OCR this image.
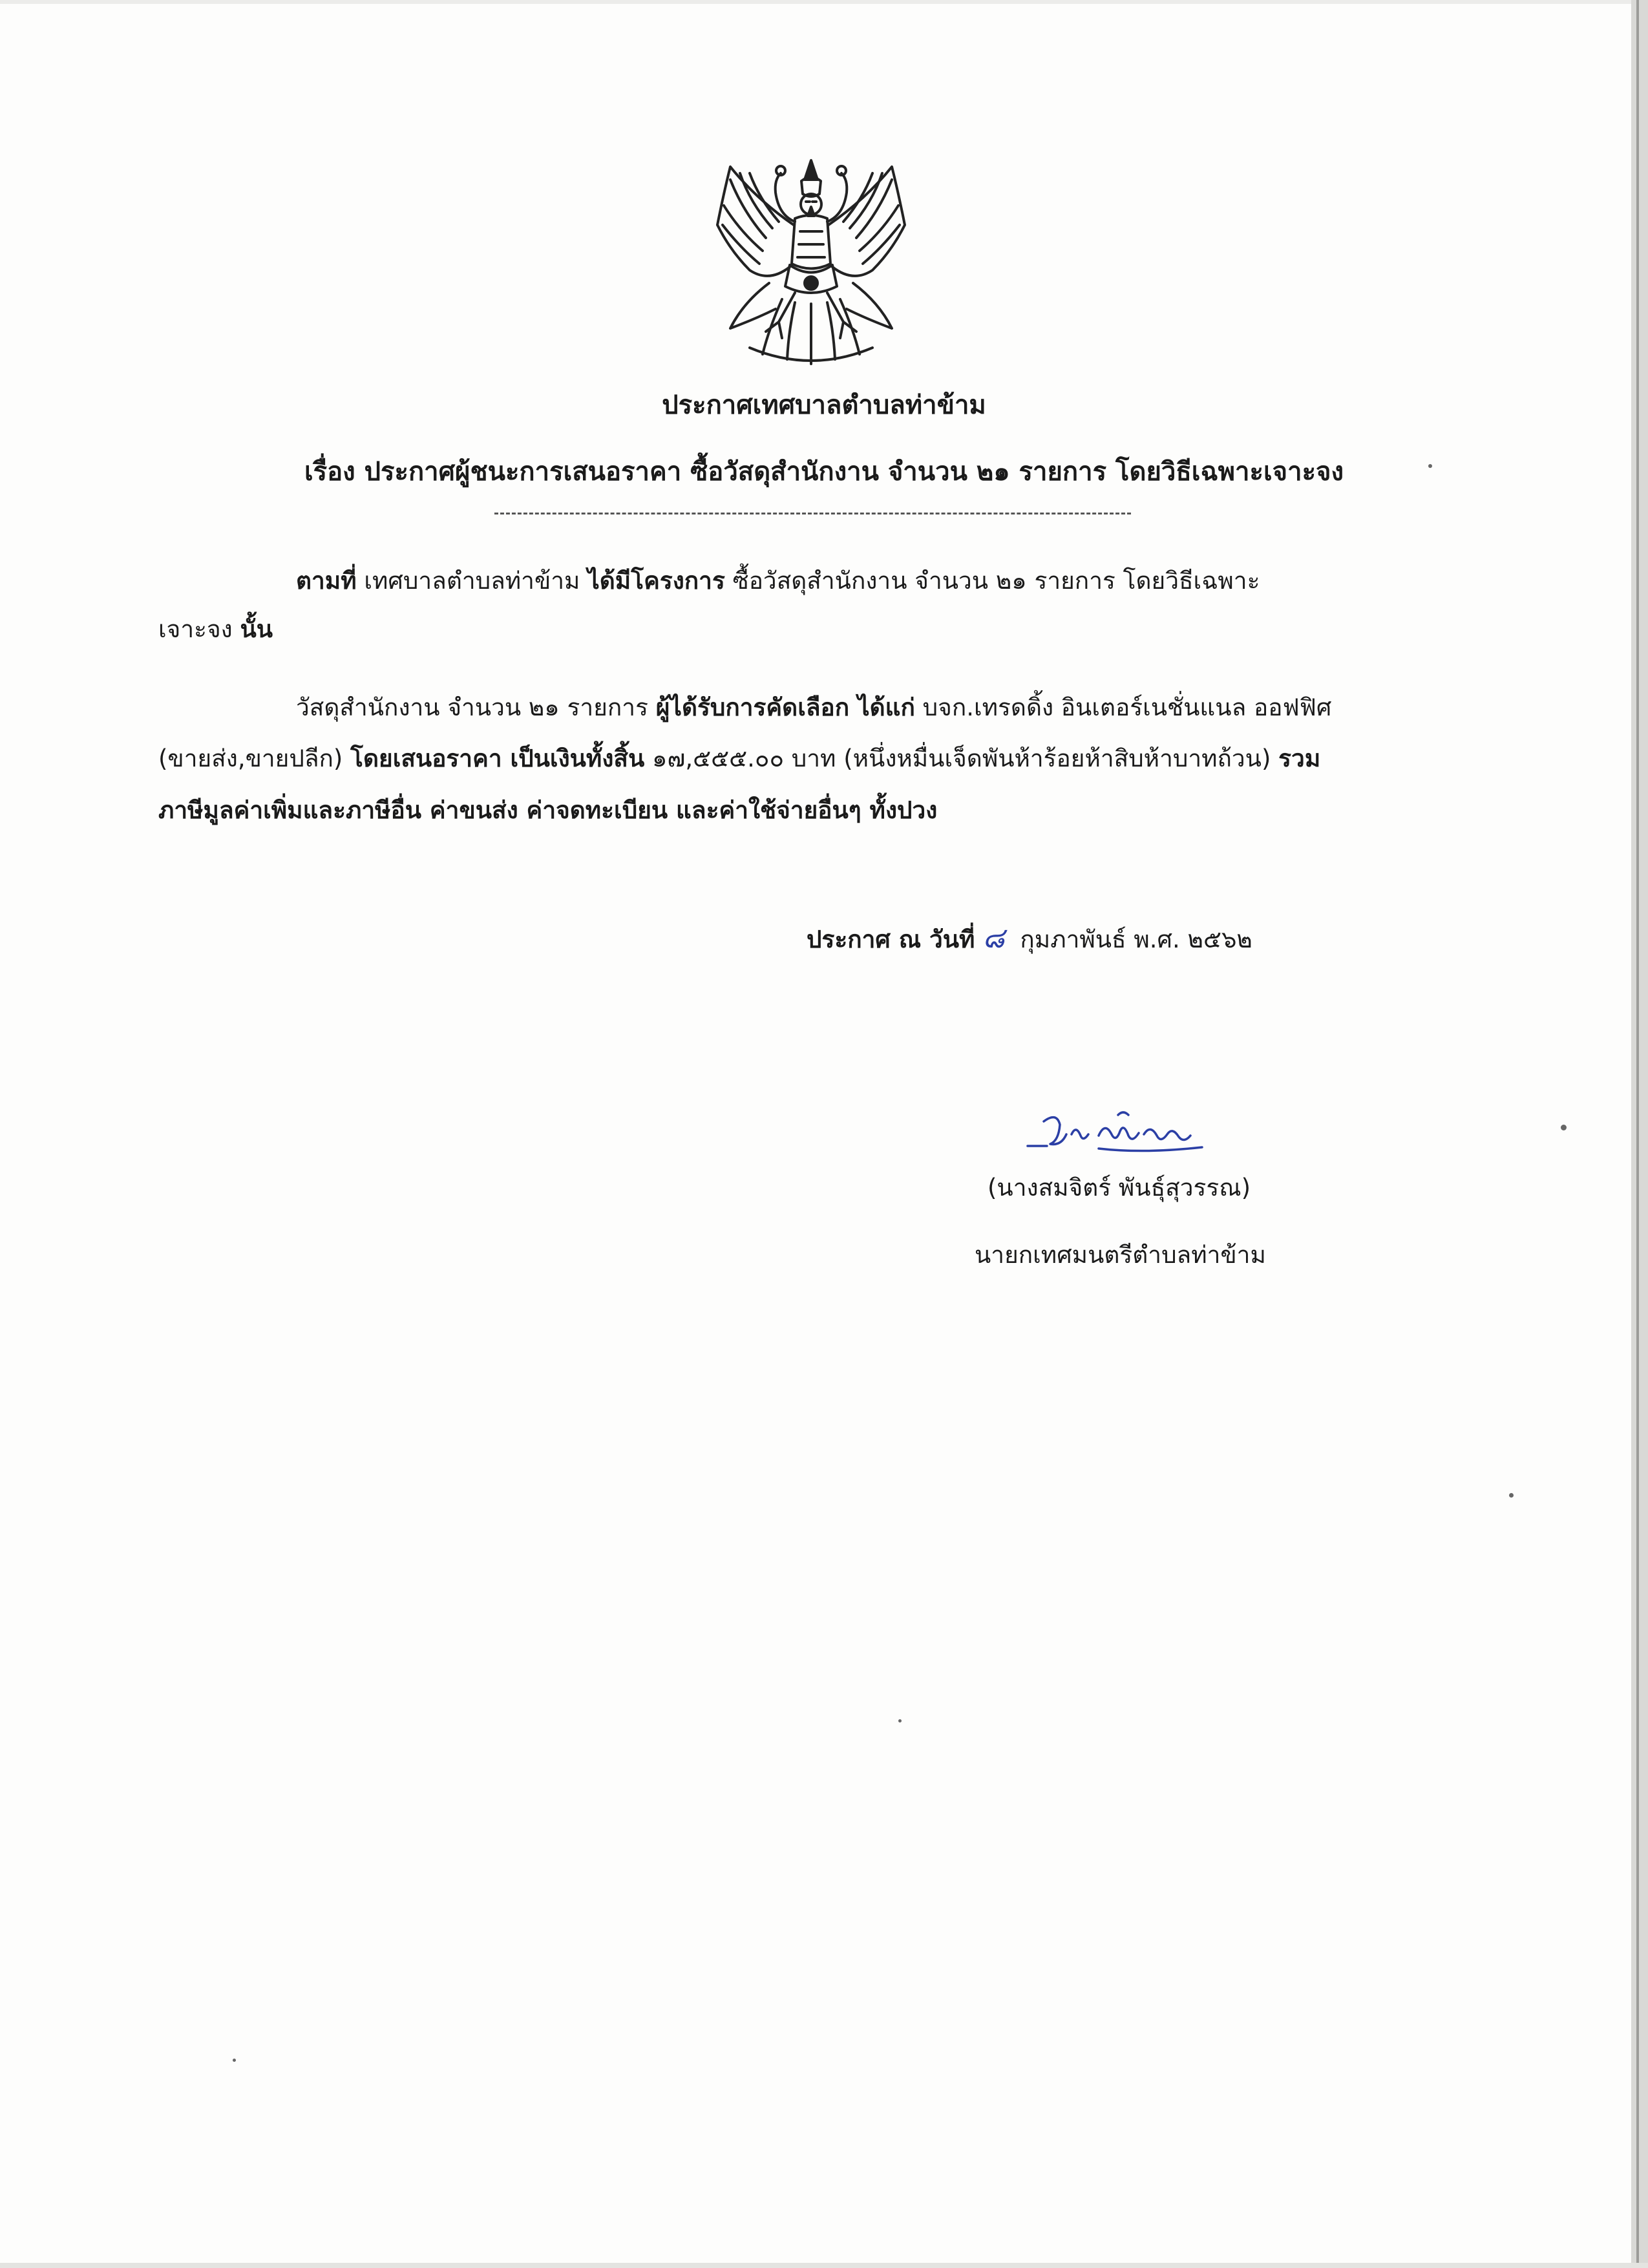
ประกาศเทศบาลตำบลท่าข้าม
เรื่อง ประกาศผู้ชนะการเสนอราคา ซื้อวัสดุสำนักงาน จำนวน ๒๑ รายการ โดยวิธีเฉพาะเจาะจง
ตามที่ เทศบาลตำบลท่าข้าม ได้มีโครงการ ซื้อวัสดุสำนักงาน จำนวน ๒๑ รายการ โดยวิธีเฉพาะ
เจาะจง นั้น
วัสดุสำนักงาน จำนวน ๒๑ รายการ ผู้ได้รับการคัดเลือก ได้แก่ บจก.เทรดดิ้ง อินเตอร์เนชั่นแนล ออฟฟิศ
(ขายส่ง,ขายปลีก) โดยเสนอราคา เป็นเงินทั้งสิ้น ๑๗,๕๕๕.๐๐ บาท (หนึ่งหมื่นเจ็ดพันห้าร้อยห้าสิบห้าบาทถ้วน) รวม
ภาษีมูลค่าเพิ่มและภาษีอื่น ค่าขนส่ง ค่าจดทะเบียน และค่าใช้จ่ายอื่นๆ ทั้งปวง
ประกาศ ณ วันที่ ๘ กุมภาพันธ์ พ.ศ. ๒๕๖๒
(นางสมจิตร์ พันธุ์สุวรรณ)
นายกเทศมนตรีตำบลท่าข้าม
